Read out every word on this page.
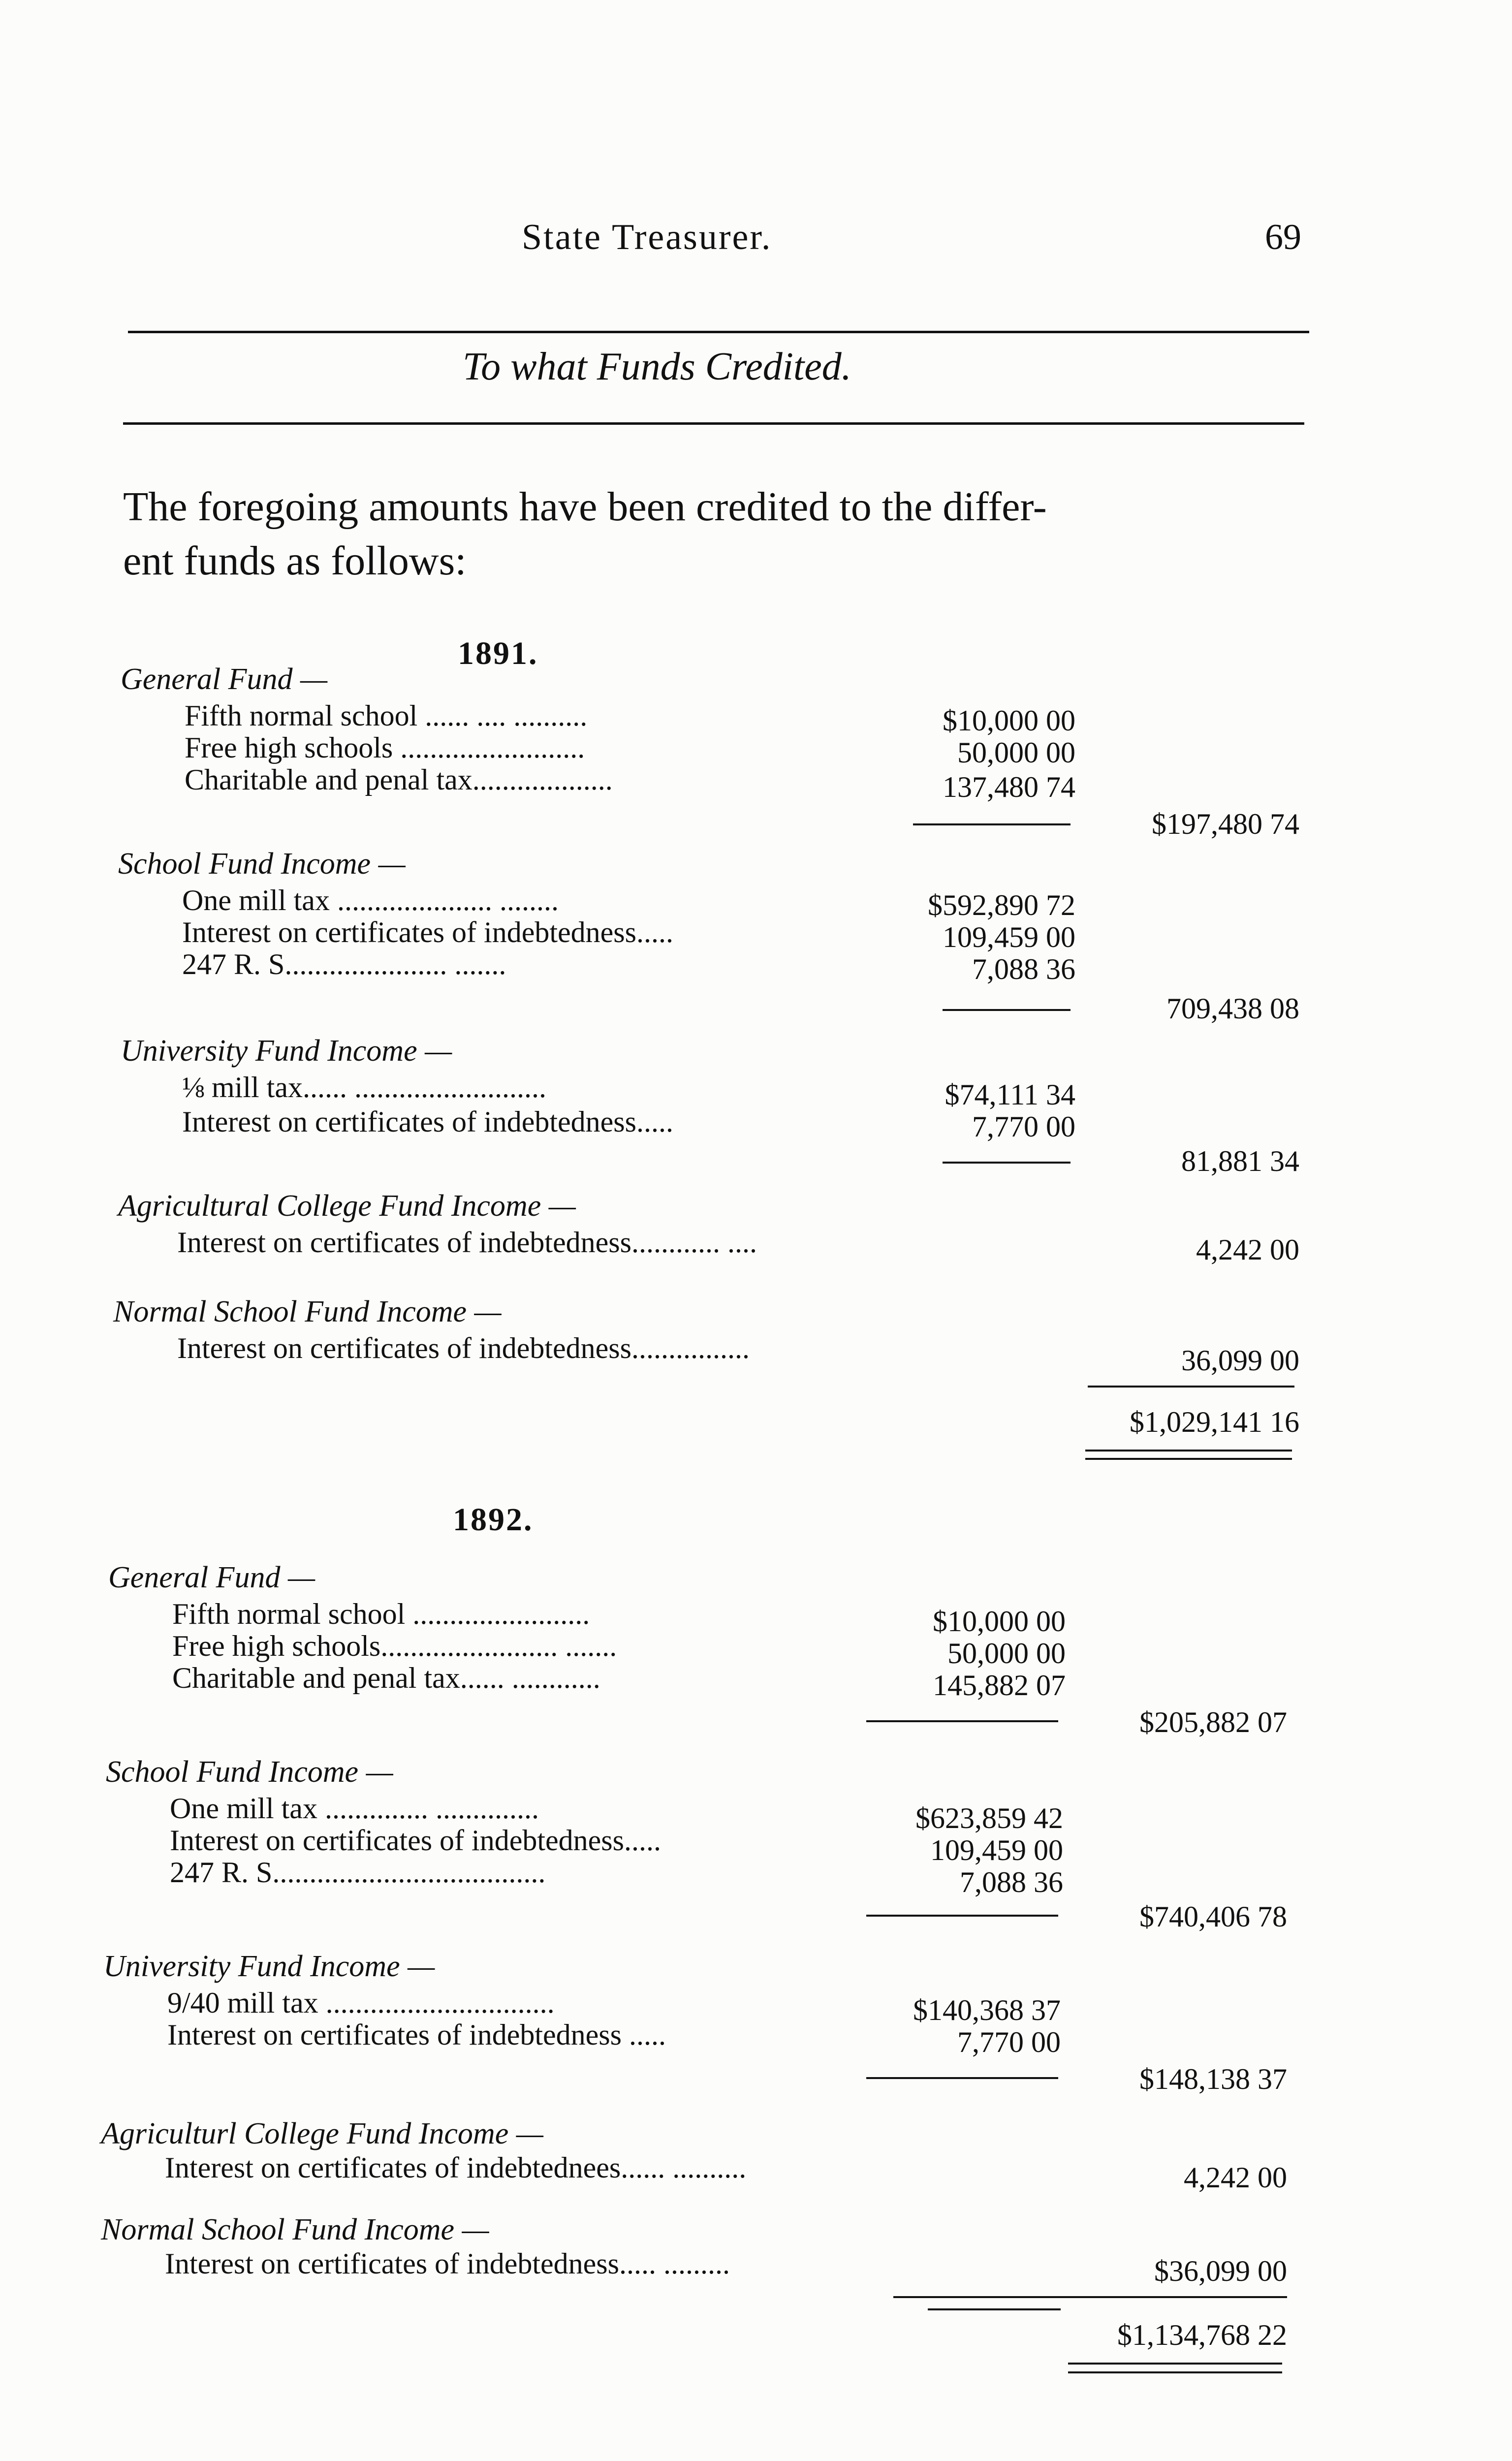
State Treasurer.	69
To what Funds Credited.
The foregoing amounts have been credited to the differ-
ent funds as follows:
1891.
General Fund —
Fifth normal school ...... .... ..........	$10,000 00
Free high schools .........................	50,000 00
Charitable and penal tax...................	137,480 74
$197,480 74
School Fund Income —
One mill tax ..................... ........	$592,890 72
Interest on certificates of indebtedness.....	109,459 00
247 R. S...................... .......	7,088 36
709,438 08
University Fund Income —
⅛ mill tax...... ..........................	$74,111 34
Interest on certificates of indebtedness.....	7,770 00
81,881 34
Agricultural College Fund Income —
Interest on certificates of indebtedness............ ....	4,242 00
Normal School Fund Income —
Interest on certificates of indebtedness................	36,099 00
$1,029,141 16
1892.
General Fund —
Fifth normal school ........................	$10,000 00
Free high schools........................ .......	50,000 00
Charitable and penal tax...... ............	145,882 07
$205,882 07
School Fund Income —
One mill tax .............. ..............	$623,859 42
Interest on certificates of indebtedness.....	109,459 00
247 R. S.....................................	7,088 36
$740,406 78
University Fund Income —
9/40 mill tax ...............................	$140,368 37
Interest on certificates of indebtedness .....	7,770 00
$148,138 37
Agriculturl College Fund Income —
Interest on certificates of indebtednees...... ..........	4,242 00
Normal School Fund Income —
Interest on certificates of indebtedness..... .........	$36,099 00
$1,134,768 22
